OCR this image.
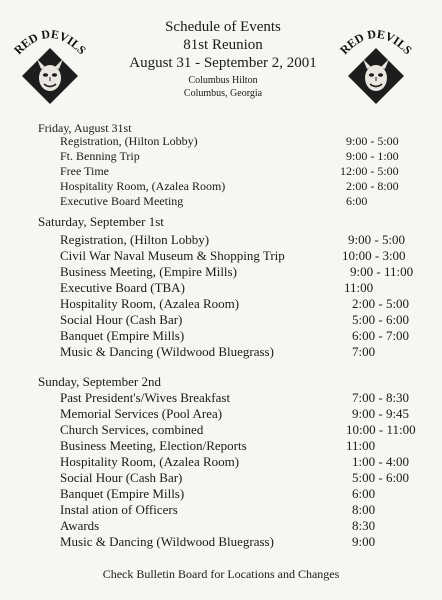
RED DEVILS	RED DEVILS
Schedule of Events
81st Reunion
August 31 - September 2, 2001
Columbus Hilton
Columbus, Georgia
Friday, August 31st
Registration, (Hilton Lobby)	9:00 - 5:00
Ft. Benning Trip	9:00 - 1:00
Free Time	12:00 - 5:00
Hospitality Room, (Azalea Room)	2:00 - 8:00
Executive Board Meeting	6:00
Saturday, September 1st
Registration, (Hilton Lobby)	9:00 - 5:00
Civil War Naval Museum & Shopping Trip	10:00 - 3:00
Business Meeting, (Empire Mills)	9:00 - 11:00
Executive Board (TBA)	11:00
Hospitality Room, (Azalea Room)	2:00 - 5:00
Social Hour (Cash Bar)	5:00 - 6:00
Banquet (Empire Mills)	6:00 - 7:00
Music & Dancing (Wildwood Bluegrass)	7:00
Sunday, September 2nd
Past President's/Wives Breakfast	7:00 - 8:30
Memorial Services (Pool Area)	9:00 - 9:45
Church Services, combined	10:00 - 11:00
Business Meeting, Election/Reports	11:00
Hospitality Room, (Azalea Room)	1:00 - 4:00
Social Hour (Cash Bar)	5:00 - 6:00
Banquet (Empire Mills)	6:00
Instal ation of Officers	8:00
Awards	8:30
Music & Dancing (Wildwood Bluegrass)	9:00
Check Bulletin Board for Locations and Changes
